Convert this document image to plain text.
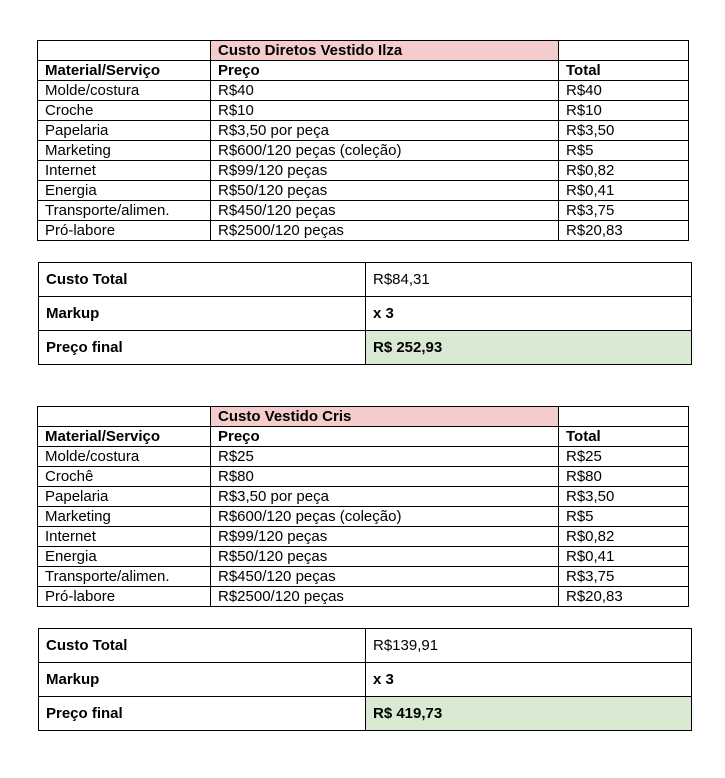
	Custo Diretos Vestido Ilza	
Material/Serviço	Preço	Total
Molde/costura	R$40	R$40
Croche	R$10	R$10
Papelaria	R$3,50 por peça	R$3,50
Marketing	R$600/120 peças (coleção)	R$5
Internet	R$99/120 peças	R$0,82
Energia	R$50/120 peças	R$0,41
Transporte/alimen.	R$450/120 peças	R$3,75
Pró-labore	R$2500/120 peças	R$20,83
Custo Total	R$84,31
Markup	x 3
Preço final	R$ 252,93
	Custo Vestido Cris	
Material/Serviço	Preço	Total
Molde/costura	R$25	R$25
Crochê	R$80	R$80
Papelaria	R$3,50 por peça	R$3,50
Marketing	R$600/120 peças (coleção)	R$5
Internet	R$99/120 peças	R$0,82
Energia	R$50/120 peças	R$0,41
Transporte/alimen.	R$450/120 peças	R$3,75
Pró-labore	R$2500/120 peças	R$20,83
Custo Total	R$139,91
Markup	x 3
Preço final	R$ 419,73
